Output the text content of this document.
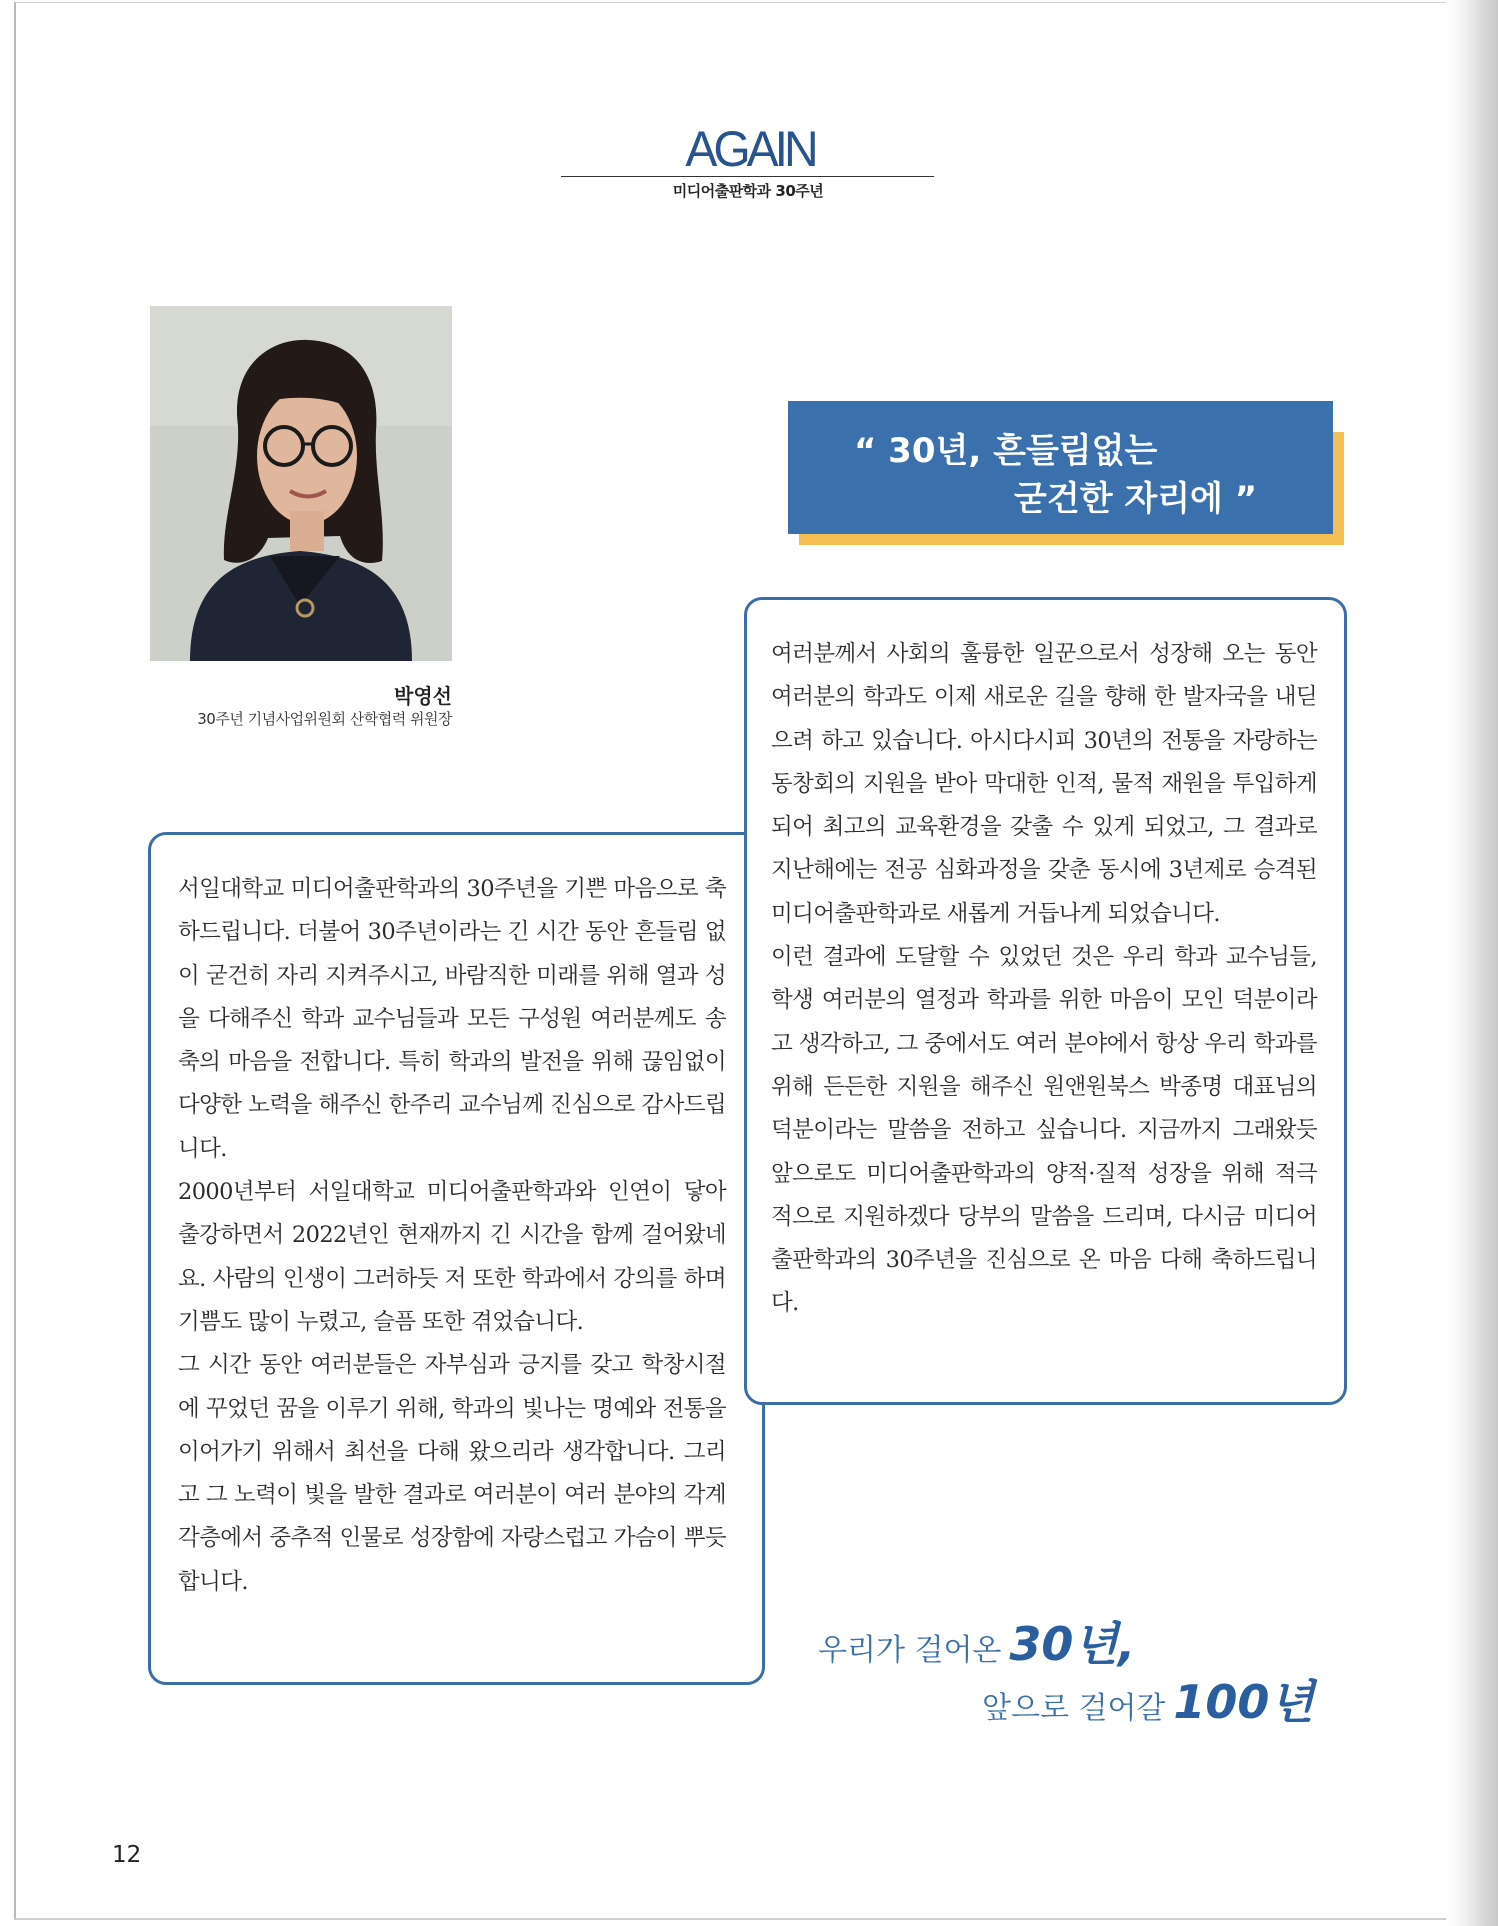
AGAIN
미디어출판학과 30주년
박영선
30주년 기념사업위원회 산학협력 위원장
“ 30년, 흔들림없는
굳건한 자리에 ”

서일대학교 미디어출판학과의 30주년을 기쁜 마음으로 축하드립니다. 더불어 30주년이라는 긴 시간 동안 흔들림 없이 굳건히 자리 지켜주시고, 바람직한 미래를 위해 열과 성을 다해주신 학과 교수님들과 모든 구성원 여러분께도 송축의 마음을 전합니다. 특히 학과의 발전을 위해 끊임없이 다양한 노력을 해주신 한주리 교수님께 진심으로 감사드립니다.

2000년부터 서일대학교 미디어출판학과와 인연이 닿아 출강하면서 2022년인 현재까지 긴 시간을 함께 걸어왔네요. 사람의 인생이 그러하듯 저 또한 학과에서 강의를 하며 기쁨도 많이 누렸고, 슬픔 또한 겪었습니다.

그 시간 동안 여러분들은 자부심과 긍지를 갖고 학창시절에 꾸었던 꿈을 이루기 위해, 학과의 빛나는 명예와 전통을 이어가기 위해서 최선을 다해 왔으리라 생각합니다. 그리고 그 노력이 빛을 발한 결과로 여러분이 여러 분야의 각계각층에서 중추적 인물로 성장함에 자랑스럽고 가슴이 뿌듯합니다.

여러분께서 사회의 훌륭한 일꾼으로서 성장해 오는 동안 여러분의 학과도 이제 새로운 길을 향해 한 발자국을 내딛으려 하고 있습니다. 아시다시피 30년의 전통을 자랑하는 동창회의 지원을 받아 막대한 인적, 물적 재원을 투입하게 되어 최고의 교육환경을 갖출 수 있게 되었고, 그 결과로 지난해에는 전공 심화과정을 갖춘 동시에 3년제로 승격된 미디어출판학과로 새롭게 거듭나게 되었습니다.

이런 결과에 도달할 수 있었던 것은 우리 학과 교수님들, 학생 여러분의 열정과 학과를 위한 마음이 모인 덕분이라고 생각하고, 그 중에서도 여러 분야에서 항상 우리 학과를 위해 든든한 지원을 해주신 원앤원북스 박종명 대표님의 덕분이라는 말씀을 전하고 싶습니다. 지금까지 그래왔듯 앞으로도 미디어출판학과의 양적·질적 성장을 위해 적극적으로 지원하겠다 당부의 말씀을 드리며, 다시금 미디어출판학과의 30주년을 진심으로 온 마음 다해 축하드립니다.

우리가 걸어온 30년,
앞으로 걸어갈 100년
12
